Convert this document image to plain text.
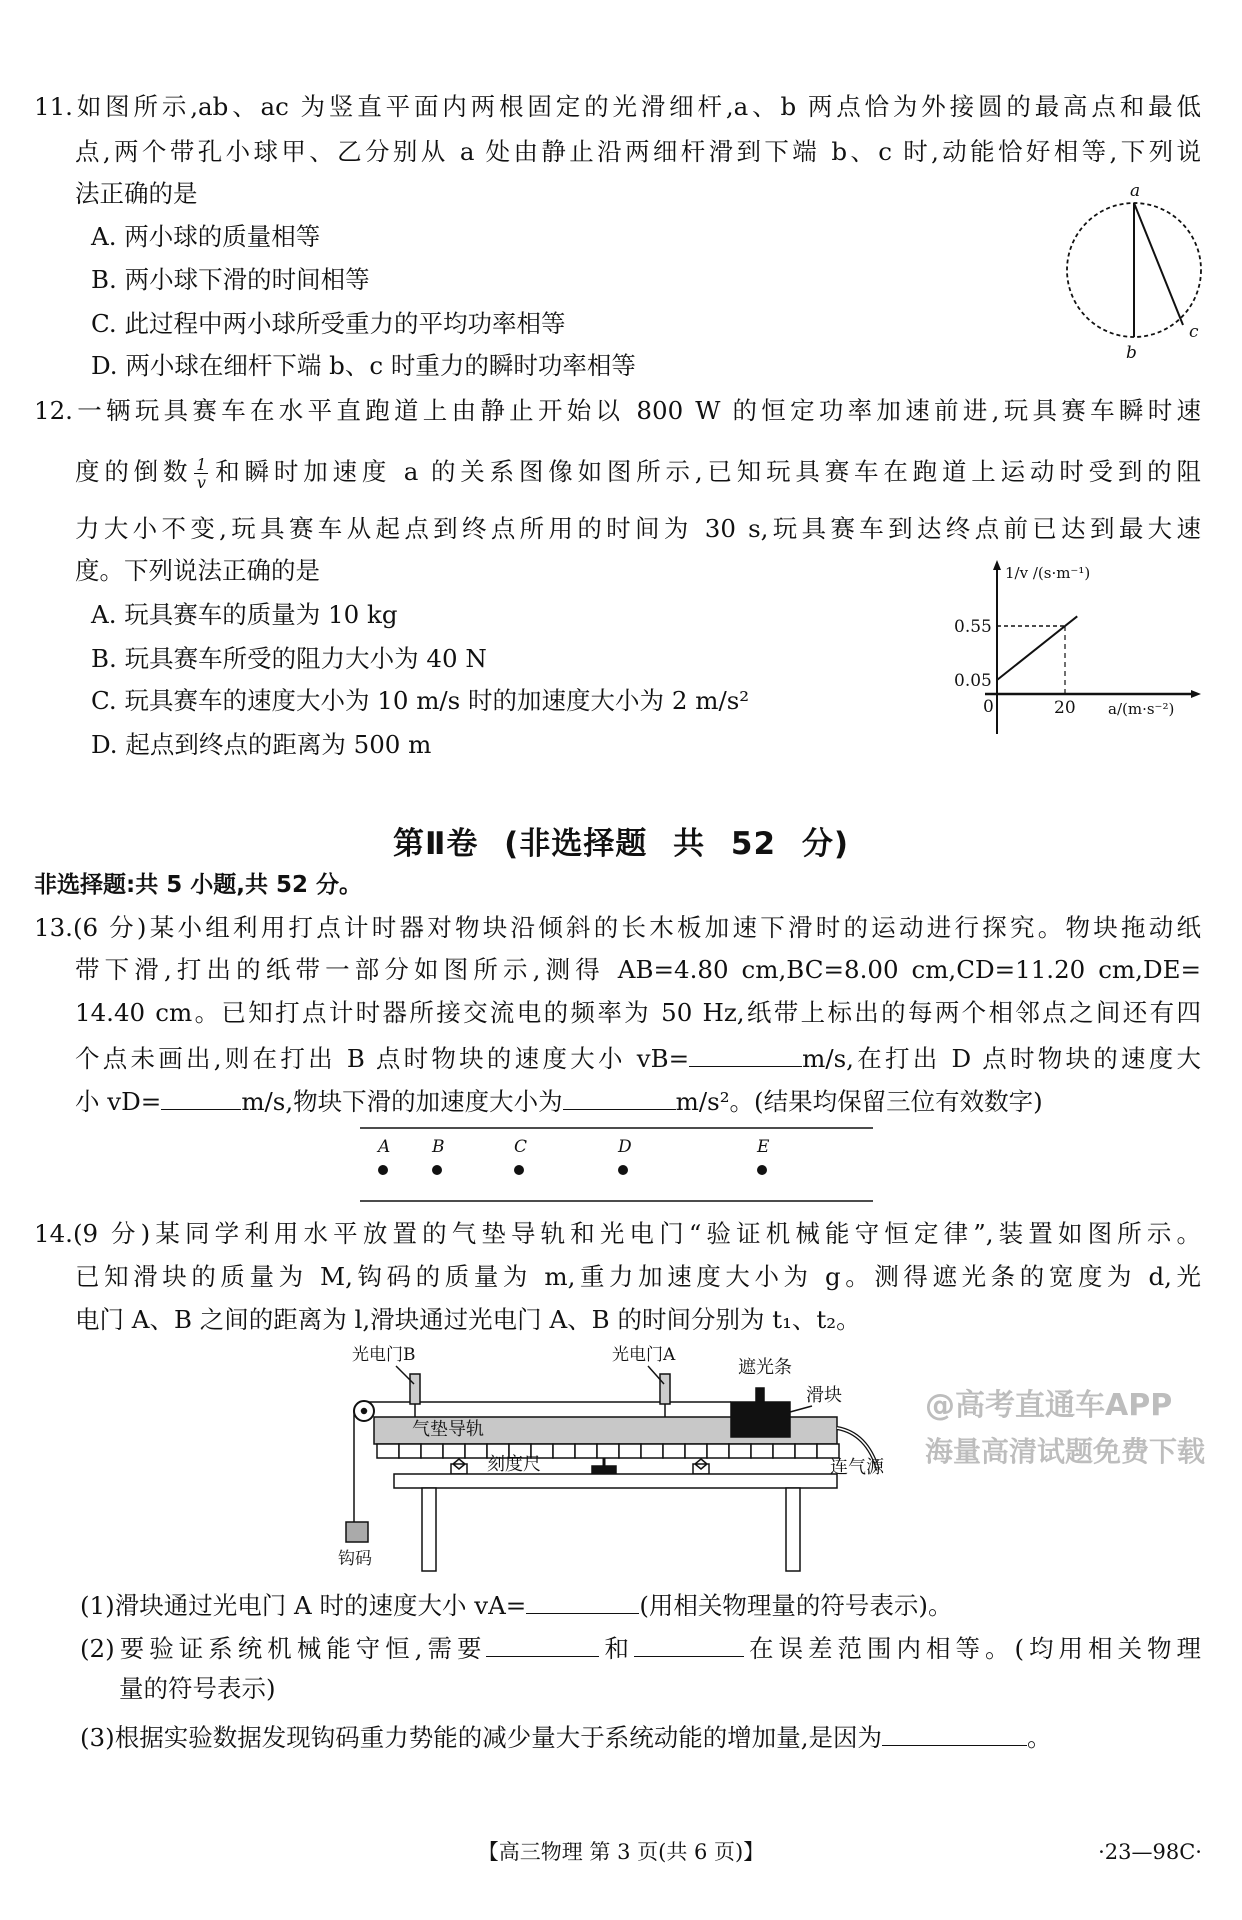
@高考直通车APP
海量高清试题免费下载
11.如图所示,ab、ac 为竖直平面内两根固定的光滑细杆,a、b 两点恰为外接圆的最高点和最低
点,两个带孔小球甲、乙分别从 a 处由静止沿两细杆滑到下端 b、c 时,动能恰好相等,下列说
法正确的是
A. 两小球的质量相等
B. 两小球下滑的时间相等
C. 此过程中两小球所受重力的平均功率相等
D. 两小球在细杆下端 b、c 时重力的瞬时功率相等
a
b
c
12.一辆玩具赛车在水平直跑道上由静止开始以 800 W 的恒定功率加速前进,玩具赛车瞬时速
度的倒数 $\frac{1}{v}$ 和瞬时加速度 a 的关系图像如图所示,已知玩具赛车在跑道上运动时受到的阻
力大小不变,玩具赛车从起点到终点所用的时间为 30 s,玩具赛车到达终点前已达到最大速
度。下列说法正确的是
A. 玩具赛车的质量为 10 kg
B. 玩具赛车所受的阻力大小为 40 N
C. 玩具赛车的速度大小为 10 m/s 时的加速度大小为 2 m/s²
D. 起点到终点的距离为 500 m
1/v /(s·m⁻¹)
a/(m·s⁻²)
0
0.05
0.55
20
第Ⅱ卷 (非选择题 共 52 分)
非选择题:共 5 小题,共 52 分。
13.(6 分)某小组利用打点计时器对物块沿倾斜的长木板加速下滑时的运动进行探究。物块拖动纸
带下滑,打出的纸带一部分如图所示,测得 AB=4.80 cm,BC=8.00 cm,CD=11.20 cm,DE=
14.40 cm。已知打点计时器所接交流电的频率为 50 Hz,纸带上标出的每两个相邻点之间还有四
个点未画出,则在打出 B 点时物块的速度大小 vB=	m/s,在打出 D 点时物块的速度大
小 vD=	m/s,物块下滑的加速度大小为	m/s²。(结果均保留三位有效数字)
A B	C	D	E
14.(9 分)某同学利用水平放置的气垫导轨和光电门“验证机械能守恒定律”,装置如图所示。
已知滑块的质量为 M,钩码的质量为 m,重力加速度大小为 g。测得遮光条的宽度为 d,光
电门 A、B 之间的距离为 l,滑块通过光电门 A、B 的时间分别为 t₁、t₂。
光电门B	光电门A
遮光条
滑块
气垫导轨
刻度尺	连气源
钩码
(1)滑块通过光电门 A 时的速度大小 vA=	(用相关物理量的符号表示)。
(2)要验证系统机械能守恒,需要	和	在误差范围内相等。(均用相关物理
量的符号表示)
(3)根据实验数据发现钩码重力势能的减少量大于系统动能的增加量,是因为	。
【高三物理 第 3 页(共 6 页)】	·23—98C·
